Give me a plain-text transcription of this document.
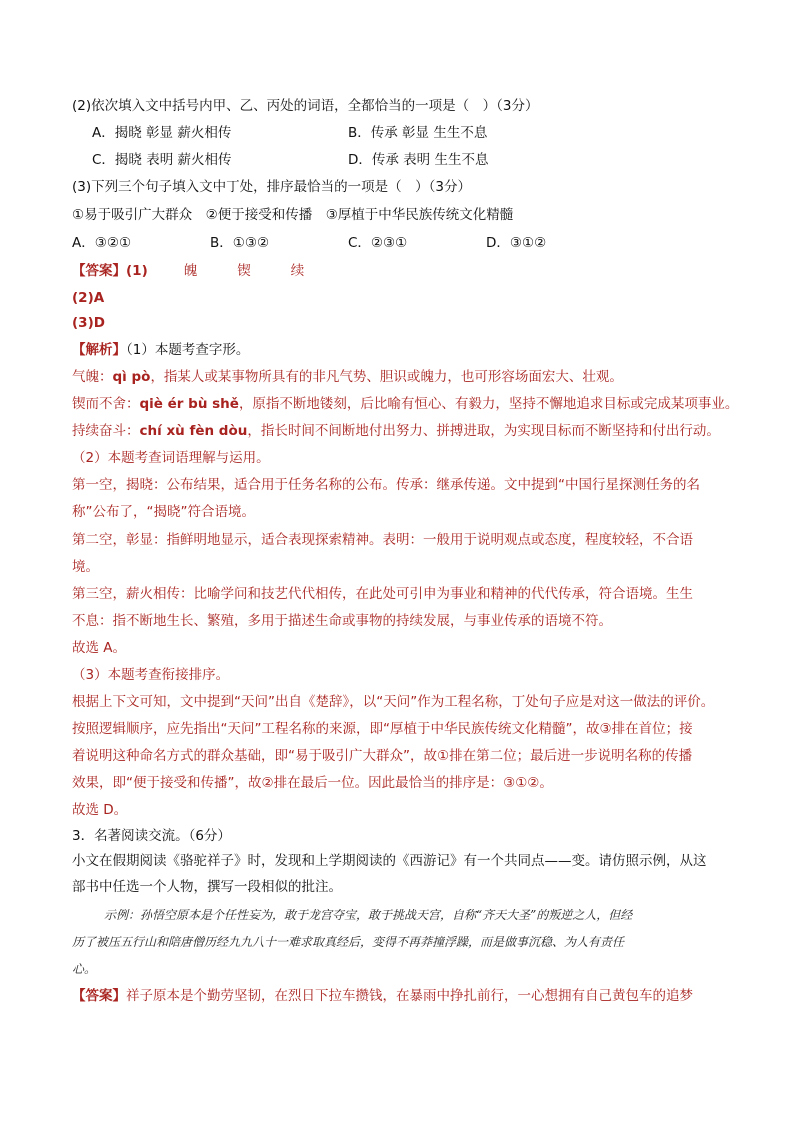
(2)依次填入文中括号内甲、乙、丙处的词语，全都恰当的一项是（　）（3分）
A．揭晓 彰显 薪火相传	B．传承 彰显 生生不息
C．揭晓 表明 薪火相传	D．传承 表明 生生不息
(3)下列三个句子填入文中丁处，排序最恰当的一项是（　）（3分）
①易于吸引广大群众　②便于接受和传播　③厚植于中华民族传统文化精髓
A．③②①	B．①③②	C．②③①	D．③①②
【答案】(1)	魄	锲	续
(2)A
(3)D
【解析】（1）本题考查字形。
气魄：qì pò，指某人或某事物所具有的非凡气势、胆识或魄力，也可形容场面宏大、壮观。
锲而不舍：qiè ér bù shě，原指不断地镂刻，后比喻有恒心、有毅力，坚持不懈地追求目标或完成某项事业。
持续奋斗：chí xù fèn dòu，指长时间不间断地付出努力、拼搏进取，为实现目标而不断坚持和付出行动。
（2）本题考查词语理解与运用。
第一空，揭晓：公布结果，适合用于任务名称的公布。传承：继承传递。文中提到“中国行星探测任务的名
称”公布了，“揭晓”符合语境。
第二空，彰显：指鲜明地显示，适合表现探索精神。表明：一般用于说明观点或态度，程度较轻，不合语
境。
第三空，薪火相传：比喻学问和技艺代代相传，在此处可引申为事业和精神的代代传承，符合语境。生生
不息：指不断地生长、繁殖，多用于描述生命或事物的持续发展，与事业传承的语境不符。
故选 A。
（3）本题考查衔接排序。
根据上下文可知，文中提到“天问”出自《楚辞》，以“天问”作为工程名称，丁处句子应是对这一做法的评价。
按照逻辑顺序，应先指出“天问”工程名称的来源，即“厚植于中华民族传统文化精髓”，故③排在首位；接
着说明这种命名方式的群众基础，即“易于吸引广大群众”，故①排在第二位；最后进一步说明名称的传播
效果，即“便于接受和传播”，故②排在最后一位。因此最恰当的排序是：③①②。
故选 D。
3．名著阅读交流。（6分）
小文在假期阅读《骆驼祥子》时，发现和上学期阅读的《西游记》有一个共同点——变。请仿照示例，从这
部书中任选一个人物，撰写一段相似的批注。
示例：孙悟空原本是个任性妄为，敢于龙宫夺宝，敢于挑战天宫，自称“齐天大圣”的叛逆之人，但经
历了被压五行山和陪唐僧历经九九八十一难求取真经后，变得不再莽撞浮躁，而是做事沉稳、为人有责任
心。
【答案】祥子原本是个勤劳坚韧，在烈日下拉车攒钱，在暴雨中挣扎前行，一心想拥有自己黄包车的追梦
